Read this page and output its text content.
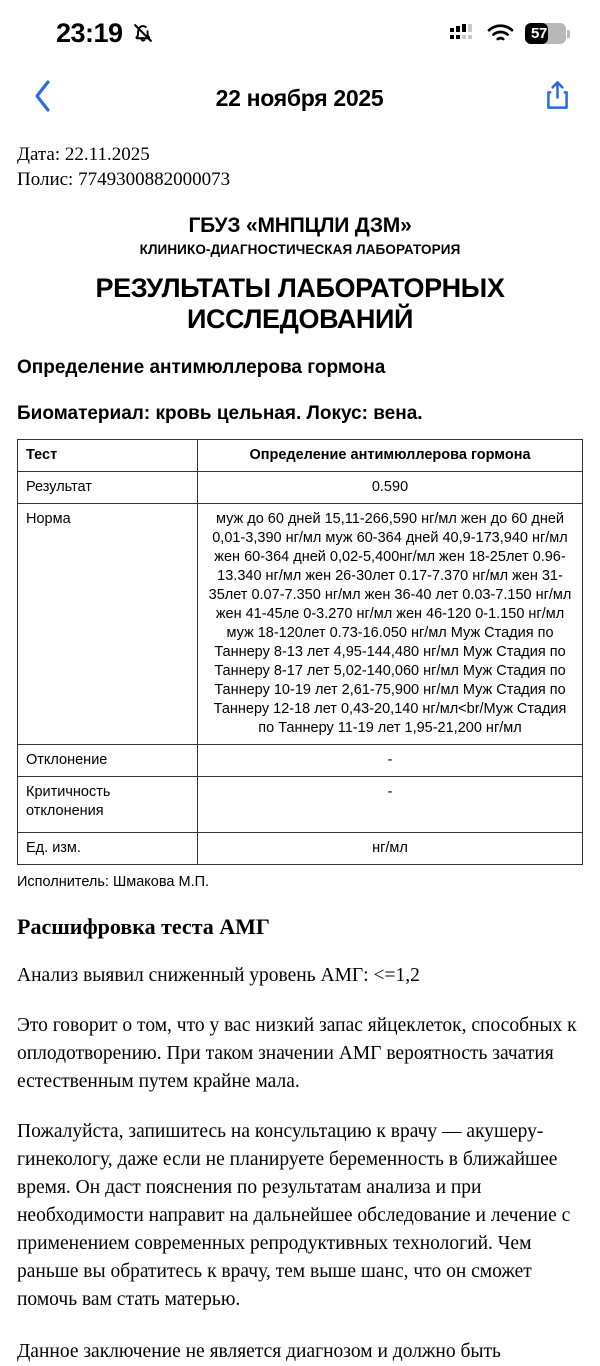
23:19	57
22 ноября 2025
Дата: 22.11.2025
Полис: 7749300882000073
ГБУЗ «МНПЦЛИ ДЗМ»
КЛИНИКО-ДИАГНОСТИЧЕСКАЯ ЛАБОРАТОРИЯ
РЕЗУЛЬТАТЫ ЛАБОРАТОРНЫХ ИССЛЕДОВАНИЙ
Определение антимюллерова гормона
Биоматериал: кровь цельная. Локус: вена.
Тест	Определение антимюллерова гормона
Результат	0.590
Норма	муж до 60 дней 15,11-266,590 нг/мл жен до 60 дней 0,01-3,390 нг/мл муж 60-364 дней 40,9-173,940 нг/мл жен 60-364 дней 0,02-5,400нг/мл жен 18-25лет 0.96-13.340 нг/мл жен 26-30лет 0.17-7.370 нг/мл жен 31-35лет 0.07-7.350 нг/мл жен 36-40 лет 0.03-7.150 нг/мл жен 41-45ле 0-3.270 нг/мл жен 46-120 0-1.150 нг/мл муж 18-120лет 0.73-16.050 нг/мл Муж Стадия по Таннеру 8-13 лет 4,95-144,480 нг/мл Муж Стадия по Таннеру 8-17 лет 5,02-140,060 нг/мл Муж Стадия по Таннеру 10-19 лет 2,61-75,900 нг/мл Муж Стадия по Таннеру 12-18 лет 0,43-20,140 нг/мл<br/Муж Стадия по Таннеру 11-19 лет 1,95-21,200 нг/мл
Отклонение	-
Критичность отклонения	-
Ед. изм.	нг/мл
Исполнитель: Шмакова М.П.
Расшифровка теста АМГ
Анализ выявил сниженный уровень АМГ: <=1,2
Это говорит о том, что у вас низкий запас яйцеклеток, способных к оплодотворению. При таком значении АМГ вероятность зачатия естественным путем крайне мала.
Пожалуйста, запишитесь на консультацию к врачу — акушеру-гинекологу, даже если не планируете беременность в ближайшее время. Он даст пояснения по результатам анализа и при необходимости направит на дальнейшее обследование и лечение с применением современных репродуктивных технологий. Чем раньше вы обратитесь к врачу, тем выше шанс, что он сможет помочь вам стать матерью.
Данное заключение не является диагнозом и должно быть
